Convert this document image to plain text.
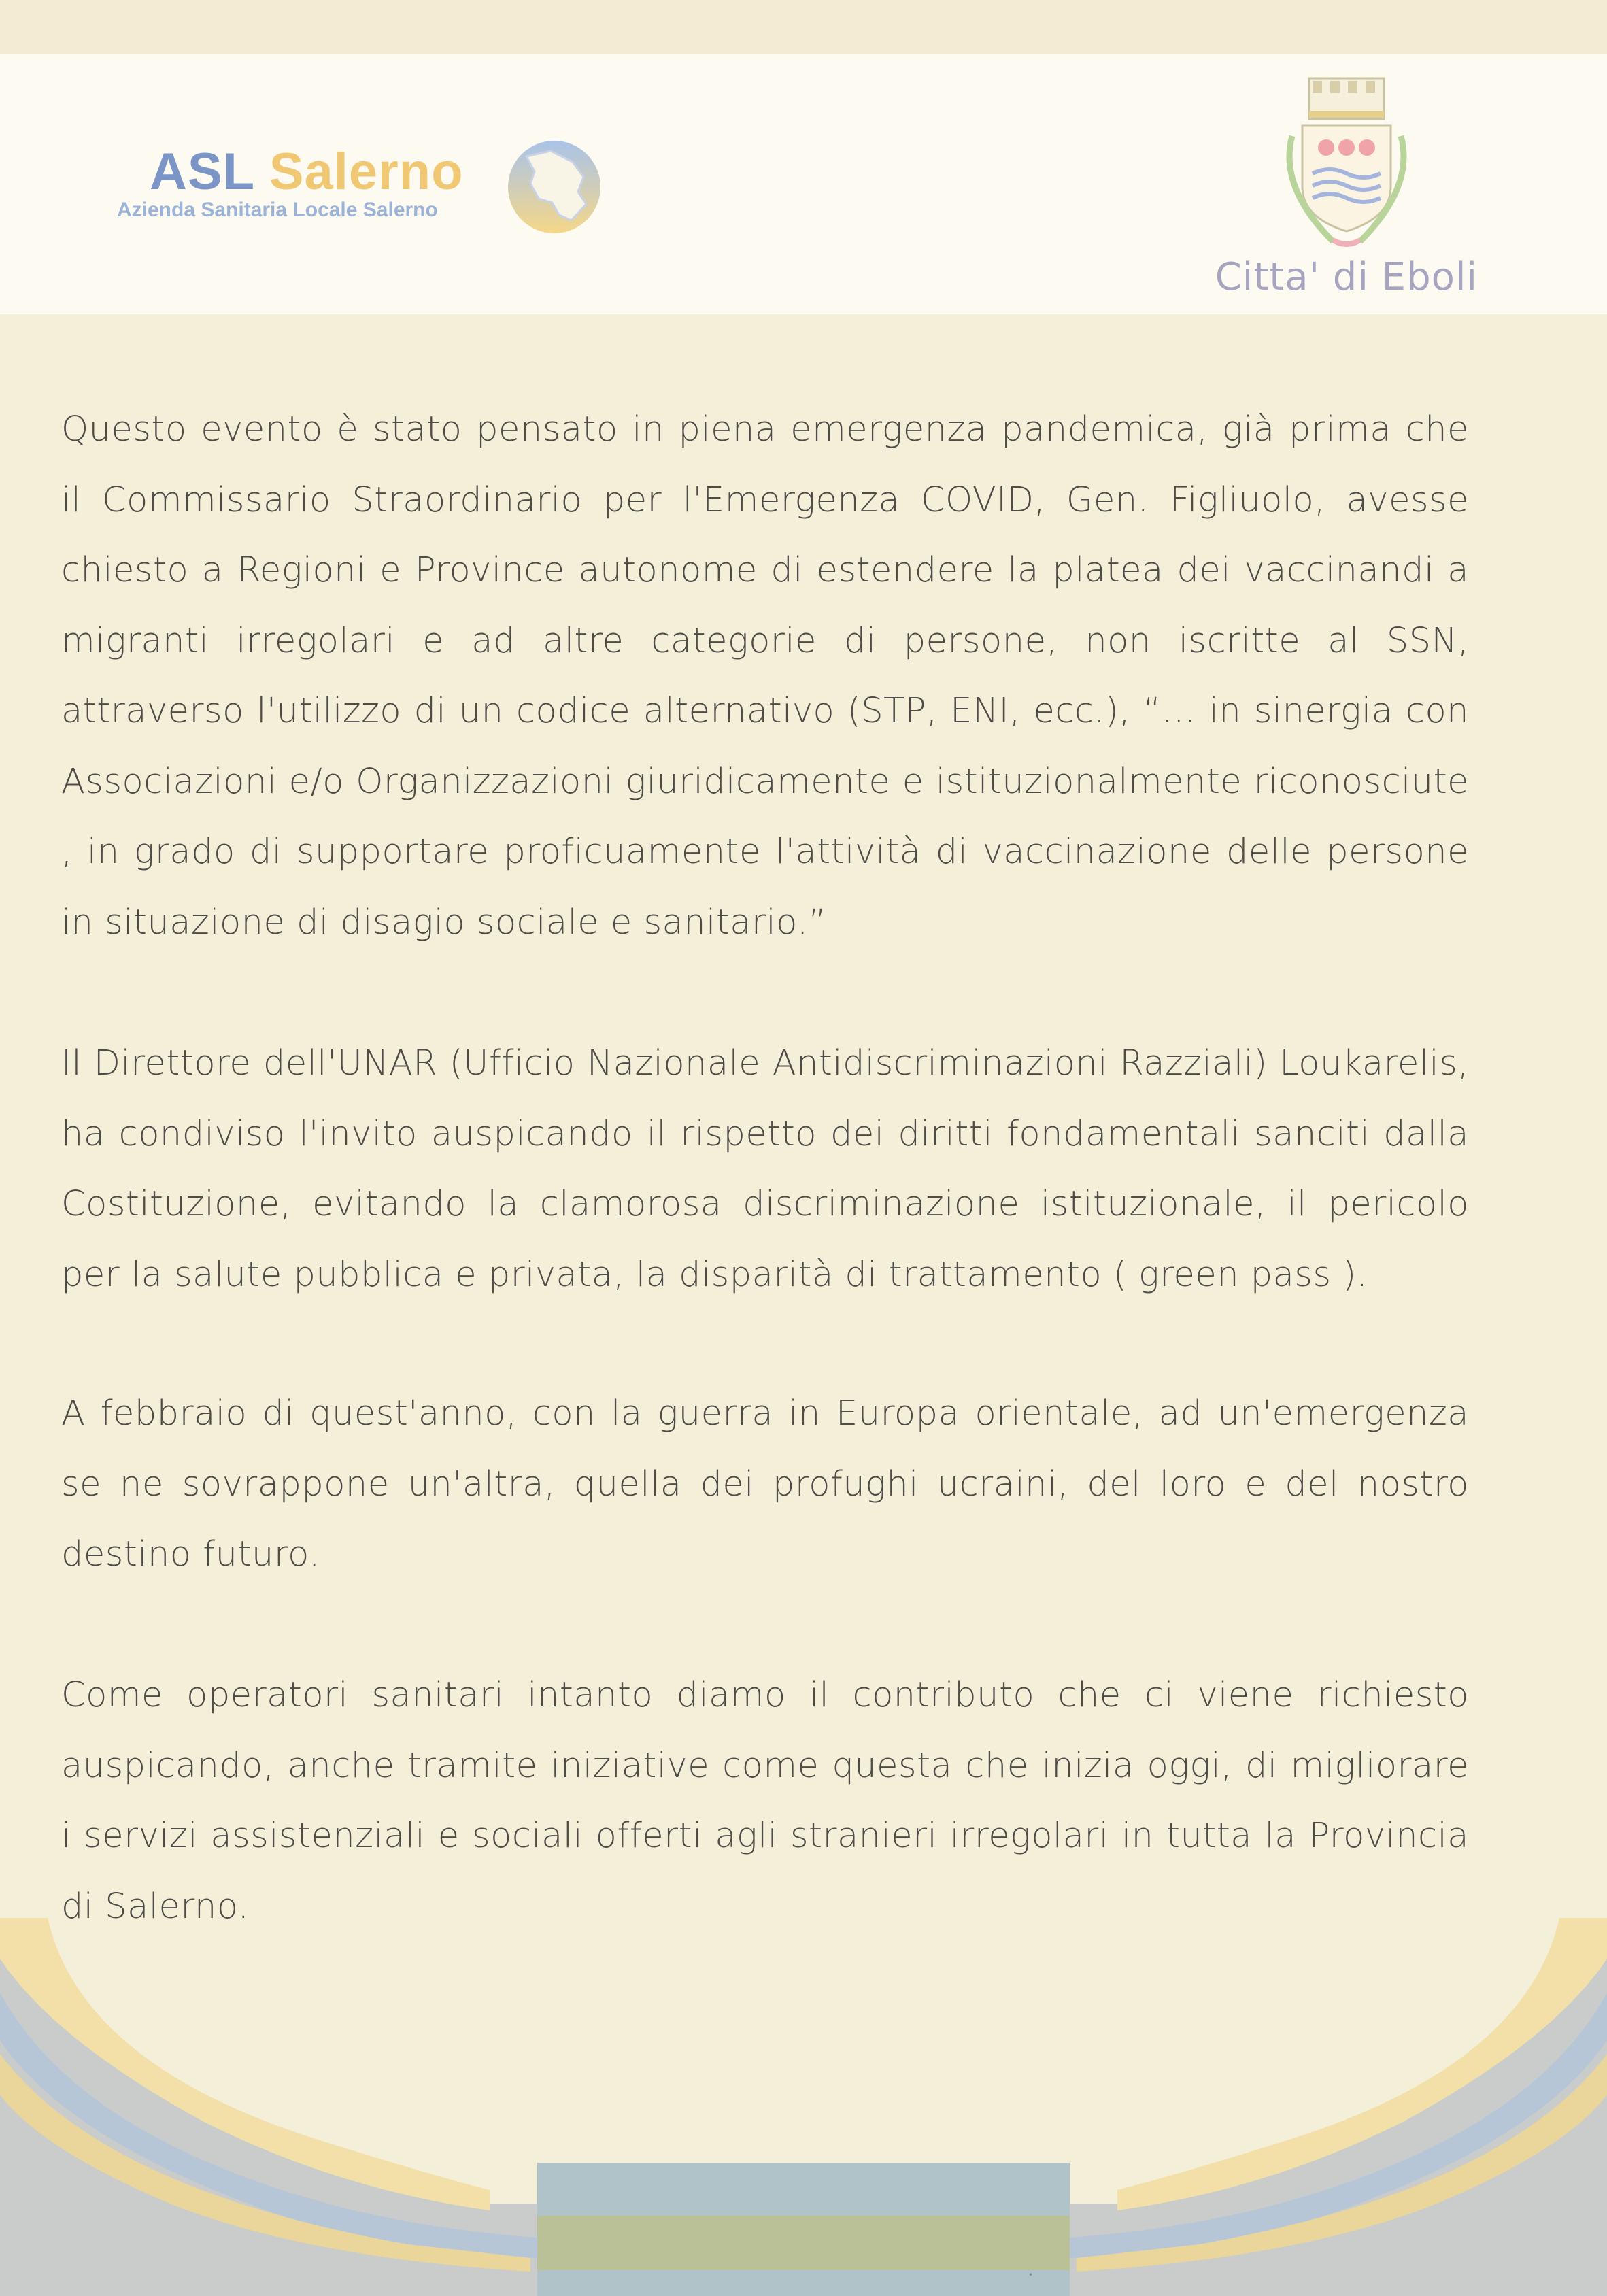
ASL Salerno
Azienda Sanitaria Locale Salerno
Citta' di Eboli

Questo evento è stato pensato in piena emergenza pandemica, già prima che il Commissario Straordinario per l'Emergenza COVID, Gen. Figliuolo, avesse chiesto a Regioni e Province autonome di estendere la platea dei vaccinandi a migranti irregolari e ad altre categorie di persone, non iscritte al SSN, attraverso l'utilizzo di un codice alternativo (STP, ENI, ecc.), “… in sinergia con Associazioni e/o Organizzazioni giuridicamente e istituzionalmente riconosciute , in grado di supportare proficuamente l'attività di vaccinazione delle persone in situazione di disagio sociale e sanitario.”

Il Direttore dell'UNAR (Ufficio Nazionale Antidiscriminazioni Razziali) Loukarelis, ha condiviso l'invito auspicando il rispetto dei diritti fondamentali sanciti dalla Costituzione, evitando la clamorosa discriminazione istituzionale, il pericolo per la salute pubblica e privata, la disparità di trattamento ( green pass ).

A febbraio di quest'anno, con la guerra in Europa orientale, ad un'emergenza se ne sovrappone un'altra, quella dei profughi ucraini, del loro e del nostro destino futuro.

Come operatori sanitari intanto diamo il contributo che ci viene richiesto auspicando, anche tramite iniziative come questa che inizia oggi, di migliorare i servizi assistenziali e sociali offerti agli stranieri irregolari in tutta la Provincia di Salerno.

•
